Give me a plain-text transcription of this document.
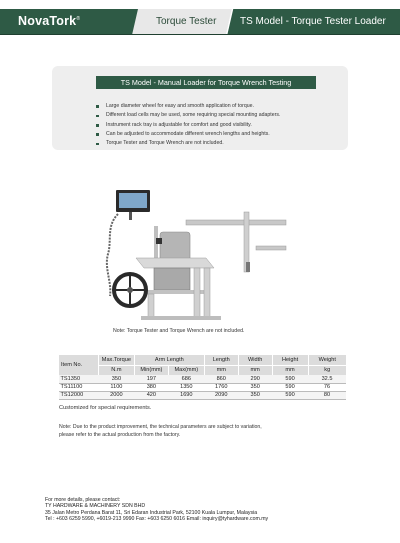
NovaTork®	Torque Tester TS Model - Torque Tester Loader
TS Model - Manual Loader for Torque Wrench Testing
Large diameter wheel for easy and smooth application of torque.
Different load cells may be used, some requiring special mounting adapters.
Instrument rack tray is adjustable for comfort and good visibility.
Can be adjusted to accommodate different wrench lengths and heights.
Torque Tester and Torque Wrench are not included.
Note: Torque Tester and Torque Wrench are not included.
Item No.	Max.Torque	Arm Length		Length	Width	Height	Weight
	N.m	Min(mm)	Max(mm)	mm	mm	mm	kg
TS1350	350	197	686	860	290	590	32.5
TS11100	1100	380	1350	1760	350	590	76
TS12000	2000	420	1690	2090	350	590	80
Customized for special requirements.
Note: Due to the product improvement, the technical parameters are subject to variation,
please refer to the actual production from the factory.
For more details, please contact:
TY HARDWARE & MACHINERY SDN BHD
35 Jalan Metro Perdana Barat 11, Sri Edaran Industrial Park, 52100 Kuala Lumpur, Malaysia
Tel : +603 6259 5990, +6019-213 9990 Fax: +603 6250 6016 Email: inquiry@tyhardware.com.my
